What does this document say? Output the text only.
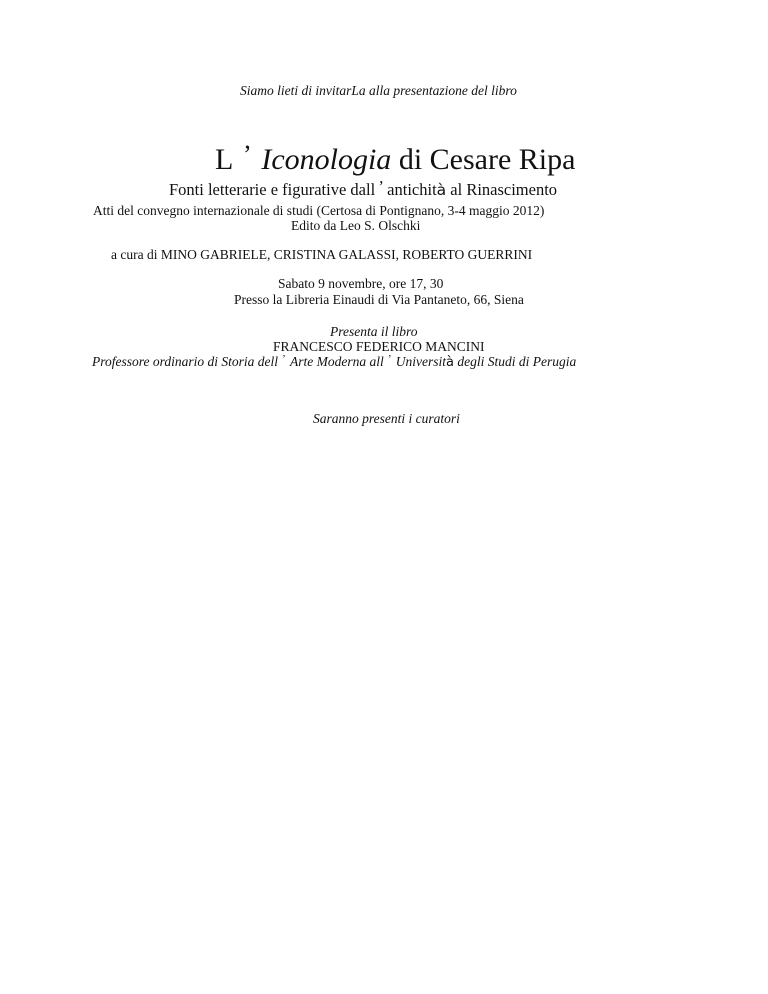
Siamo lieti di invitarLa alla presentazione del libro
L ’ Iconologia di Cesare Ripa
Fonti letterarie e figurative dall ’ antichità al Rinascimento
Atti del convegno internazionale di studi (Certosa di Pontignano, 3-4 maggio 2012)
Edito da Leo S. Olschki
a cura di MINO GABRIELE, CRISTINA GALASSI, ROBERTO GUERRINI
Sabato 9 novembre, ore 17, 30
Presso la Libreria Einaudi di Via Pantaneto, 66, Siena
Presenta il libro
FRANCESCO FEDERICO MANCINI
Professore ordinario di Storia dell ’ Arte Moderna all ’ Università degli Studi di Perugia
Saranno presenti i curatori
